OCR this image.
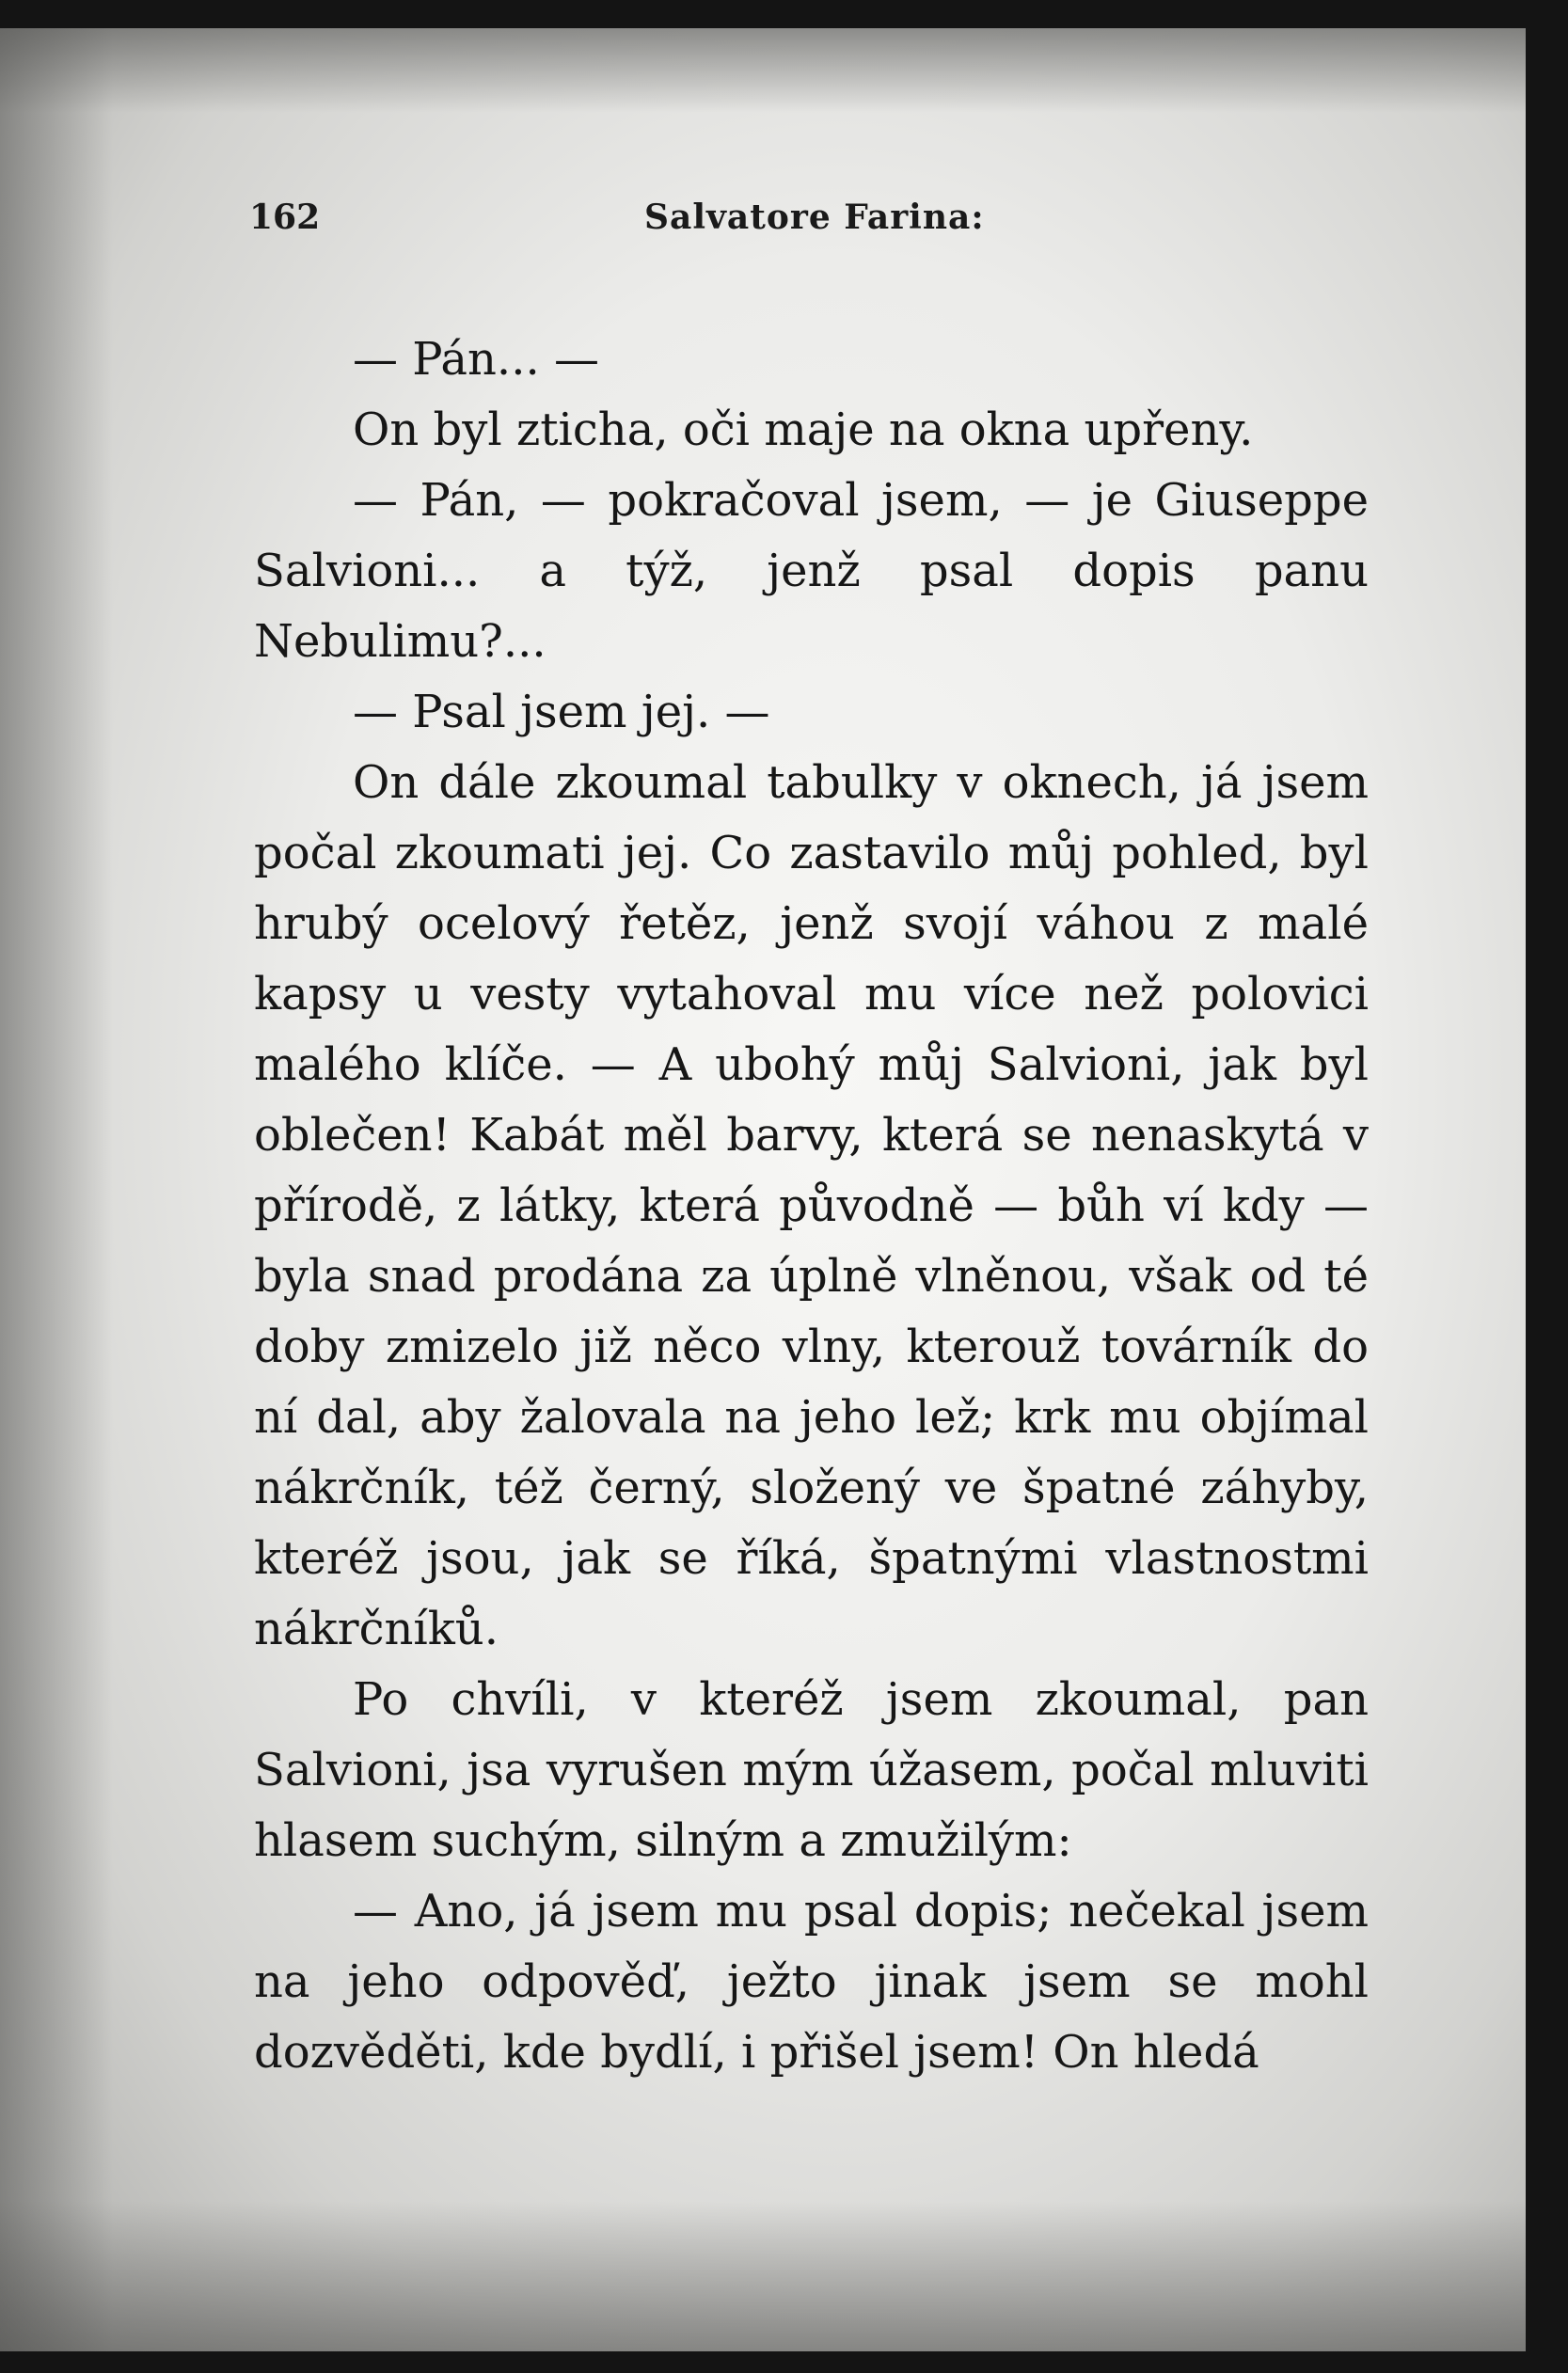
162	Salvatore Farina:

— Pán... —

On byl zticha, oči maje na okna upřeny.

— Pán, — pokračoval jsem, — je Giuseppe Salvioni... a týž, jenž psal dopis panu Nebulimu?...

— Psal jsem jej. —

On dále zkoumal tabulky v oknech, já jsem počal zkoumati jej. Co zastavilo můj pohled, byl hrubý ocelový řetěz, jenž svojí váhou z malé kapsy u vesty vytahoval mu více než polovici malého klíče. — A ubohý můj Salvioni, jak byl oblečen! Kabát měl barvy, která se nenaskytá v přírodě, z látky, která původně — bůh ví kdy — byla snad prodána za úplně vlněnou, však od té doby zmizelo již něco vlny, kterouž továrník do ní dal, aby žalovala na jeho lež; krk mu objímal nákrčník, též černý, složený ve špatné záhyby, kteréž jsou, jak se říká, špatnými vlastnostmi nákrčníků.

Po chvíli, v kteréž jsem zkoumal, pan Salvioni, jsa vyrušen mým úžasem, počal mluviti hlasem suchým, silným a zmužilým:

— Ano, já jsem mu psal dopis; nečekal jsem na jeho odpověď, ježto jinak jsem se mohl dozvěděti, kde bydlí, i přišel jsem! On hledá
